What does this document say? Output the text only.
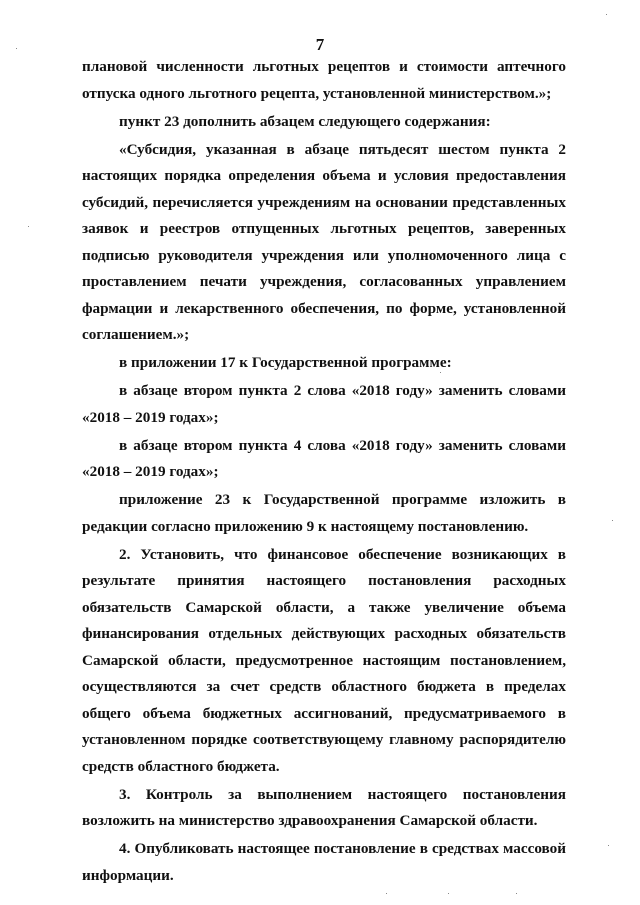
7

плановой численности льготных рецептов и стоимости аптечного отпуска одного льготного рецепта, установленной министерством.»;

пункт 23 дополнить абзацем следующего содержания:

«Субсидия, указанная в абзаце пятьдесят шестом пункта 2 настоящих порядка определения объема и условия предоставления субсидий, перечисляется учреждениям на основании представленных заявок и реестров отпущенных льготных рецептов, заверенных подписью руководителя учреждения или уполномоченного лица с проставлением печати учреждения, согласованных управлением фармации и лекарственного обеспечения, по форме, установленной соглашением.»;

в приложении 17 к Государственной программе:

в абзаце втором пункта 2 слова «2018 году» заменить словами «2018 – 2019 годах»;

в абзаце втором пункта 4 слова «2018 году» заменить словами «2018 – 2019 годах»;

приложение 23 к Государственной программе изложить в редакции согласно приложению 9 к настоящему постановлению.

2. Установить, что финансовое обеспечение возникающих в результате принятия настоящего постановления расходных обязательств Самарской области, а также увеличение объема финансирования отдельных действующих расходных обязательств Самарской области, предусмотренное настоящим постановлением, осуществляются за счет средств областного бюджета в пределах общего объема бюджетных ассигнований, предусматриваемого в установленном порядке соответствующему главному распорядителю средств областного бюджета.

3. Контроль за выполнением настоящего постановления возложить на министерство здравоохранения Самарской области.

4. Опубликовать настоящее постановление в средствах массовой информации.
